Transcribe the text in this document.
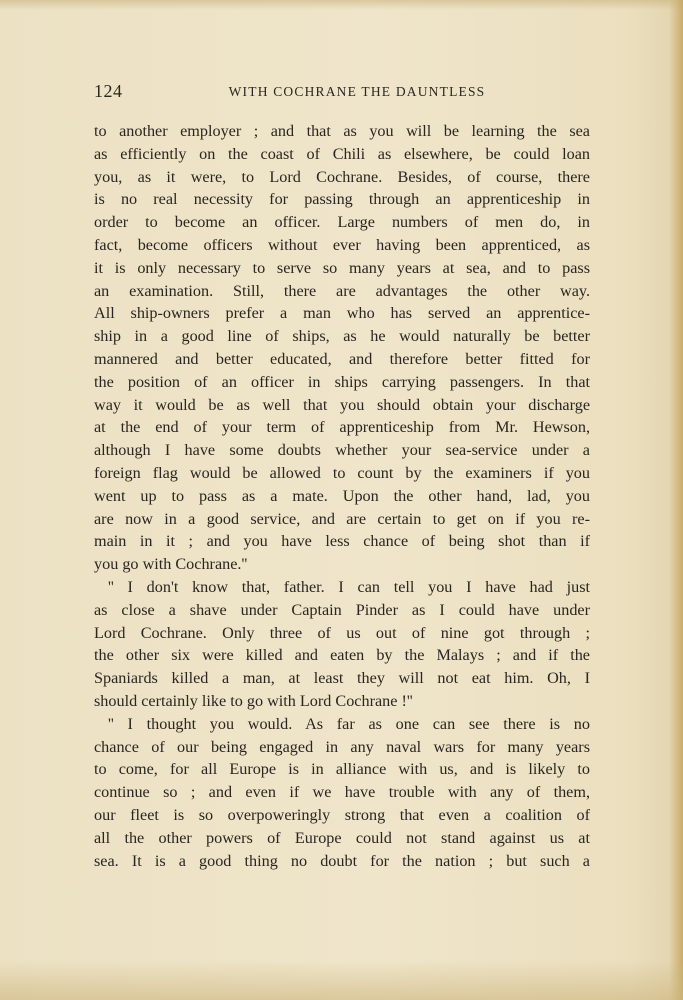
124	WITH COCHRANE THE DAUNTLESS
to another employer ; and that as you will be learning the sea
as efficiently on the coast of Chili as elsewhere, be could loan
you, as it were, to Lord Cochrane. Besides, of course, there
is no real necessity for passing through an apprenticeship in
order to become an officer. Large numbers of men do, in
fact, become officers without ever having been apprenticed, as
it is only necessary to serve so many years at sea, and to pass
an examination. Still, there are advantages the other way.
All ship-owners prefer a man who has served an apprentice-
ship in a good line of ships, as he would naturally be better
mannered and better educated, and therefore better fitted for
the position of an officer in ships carrying passengers. In that
way it would be as well that you should obtain your discharge
at the end of your term of apprenticeship from Mr. Hewson,
although I have some doubts whether your sea-service under a
foreign flag would be allowed to count by the examiners if you
went up to pass as a mate. Upon the other hand, lad, you
are now in a good service, and are certain to get on if you re-
main in it ; and you have less chance of being shot than if
you go with Cochrane.''
'' I don't know that, father. I can tell you I have had just
as close a shave under Captain Pinder as I could have under
Lord Cochrane. Only three of us out of nine got through ;
the other six were killed and eaten by the Malays ; and if the
Spaniards killed a man, at least they will not eat him. Oh, I
should certainly like to go with Lord Cochrane !''
'' I thought you would. As far as one can see there is no
chance of our being engaged in any naval wars for many years
to come, for all Europe is in alliance with us, and is likely to
continue so ; and even if we have trouble with any of them,
our fleet is so overpoweringly strong that even a coalition of
all the other powers of Europe could not stand against us at
sea. It is a good thing no doubt for the nation ; but such a
